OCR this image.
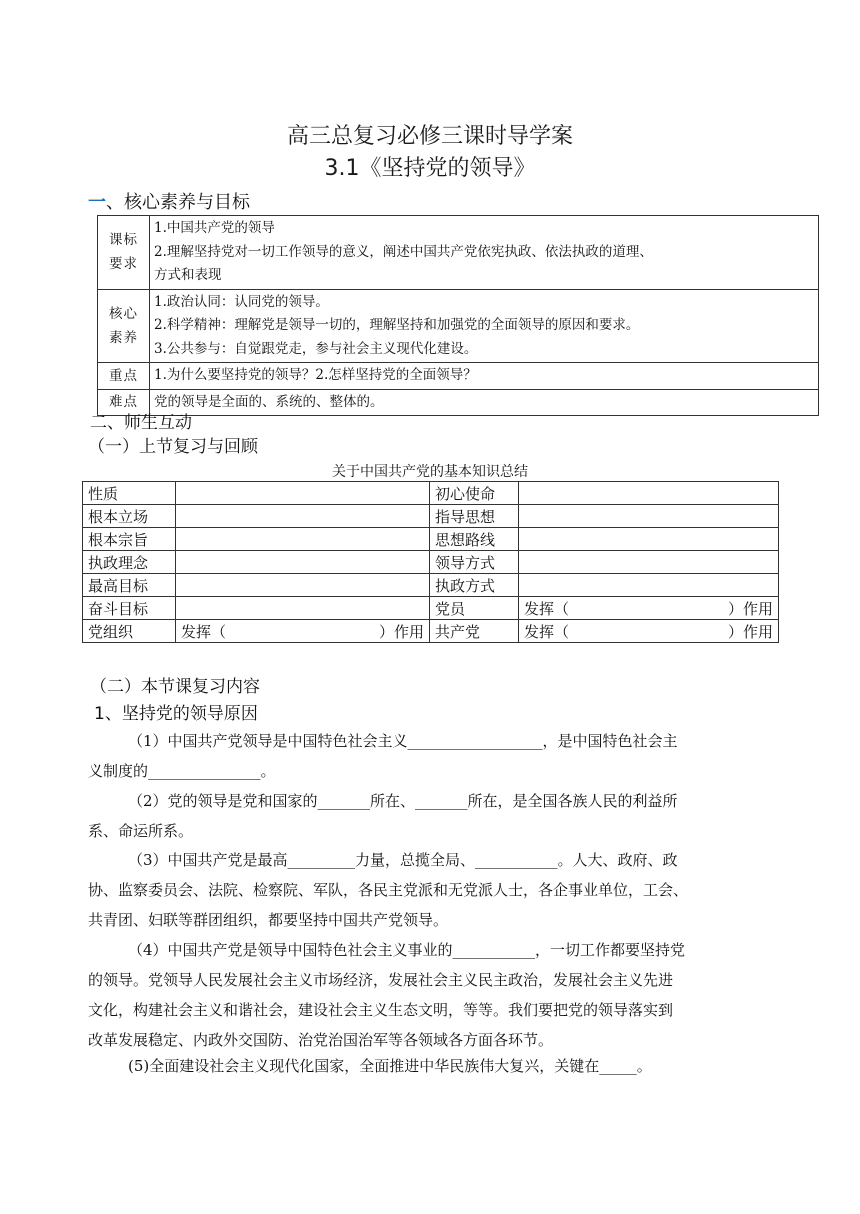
高三总复习必修三课时导学案
3.1《坚持党的领导》
一、核心素养与目标
课标
要求	1.中国共产党的领导
2.理解坚持党对一切工作领导的意义，阐述中国共产党依宪执政、依法执政的道理、
方式和表现

核心
素养	1.政治认同：认同党的领导。
2.科学精神：理解党是领导一切的，理解坚持和加强党的全面领导的原因和要求。
3.公共参与：自觉跟党走，参与社会主义现代化建设。

重点	1.为什么要坚持党的领导？2.怎样坚持党的全面领导？

难点	党的领导是全面的、系统的、整体的。
二、师生互动
（一）上节复习与回顾
关于中国共产党的基本知识总结
性质		初心使命	
根本立场		指导思想	
根本宗旨		思想路线	
执政理念		领导方式	
最高目标		执政方式	
奋斗目标		党员	发挥（ ）作用

党组织	发挥（ ）作用	共产党	发挥（ ）作用
（二）本节课复习内容
1、坚持党的领导原因
（1）中国共产党领导是中国特色社会主义__________________，是中国特色社会主
义制度的_______________。
（2）党的领导是党和国家的_______所在、_______所在，是全国各族人民的利益所
系、命运所系。
（3）中国共产党是最高_________力量，总揽全局、___________。人大、政府、政
协、监察委员会、法院、检察院、军队，各民主党派和无党派人士，各企事业单位，工会、
共青团、妇联等群团组织，都要坚持中国共产党领导。
（4）中国共产党是领导中国特色社会主义事业的___________，一切工作都要坚持党
的领导。党领导人民发展社会主义市场经济，发展社会主义民主政治，发展社会主义先进
文化，构建社会主义和谐社会，建设社会主义生态文明，等等。我们要把党的领导落实到
改革发展稳定、内政外交国防、治党治国治军等各领域各方面各环节。
(5)全面建设社会主义现代化国家，全面推进中华民族伟大复兴，关键在_____。
